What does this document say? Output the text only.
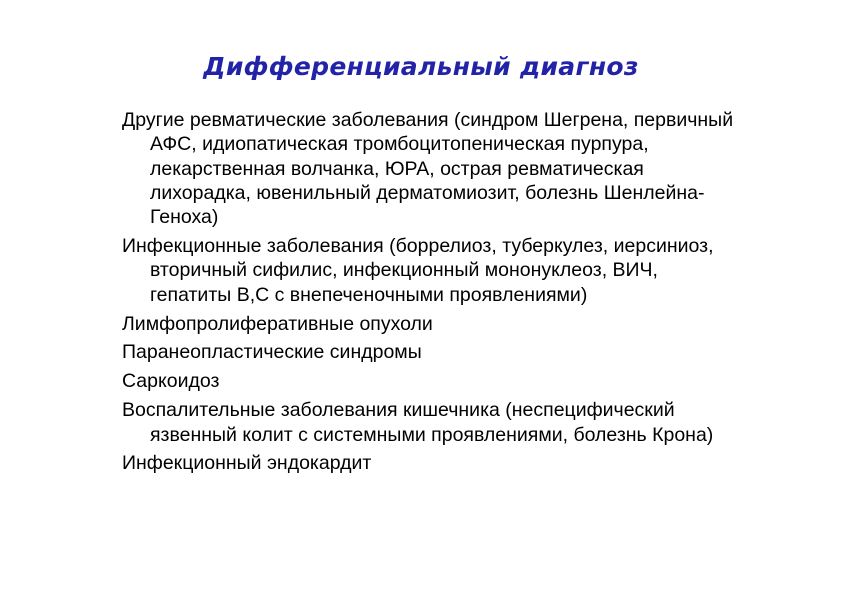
Дифференциальный диагноз
Другие ревматические заболевания (синдром Шегрена, первичный АФС, идиопатическая тромбоцитопеническая пурпура, лекарственная волчанка, ЮРА, острая ревматическая лихорадка, ювенильный дерматомиозит, болезнь Шенлейна-Геноха)
Инфекционные заболевания (боррелиоз, туберкулез, иерсиниоз, вторичный сифилис, инфекционный мононуклеоз, ВИЧ, гепатиты В,С с внепеченочными проявлениями)
Лимфопролиферативные опухоли
Паранеопластические синдромы
Саркоидоз
Воспалительные заболевания кишечника (неспецифический язвенный колит с системными проявлениями, болезнь Крона)
Инфекционный эндокардит
